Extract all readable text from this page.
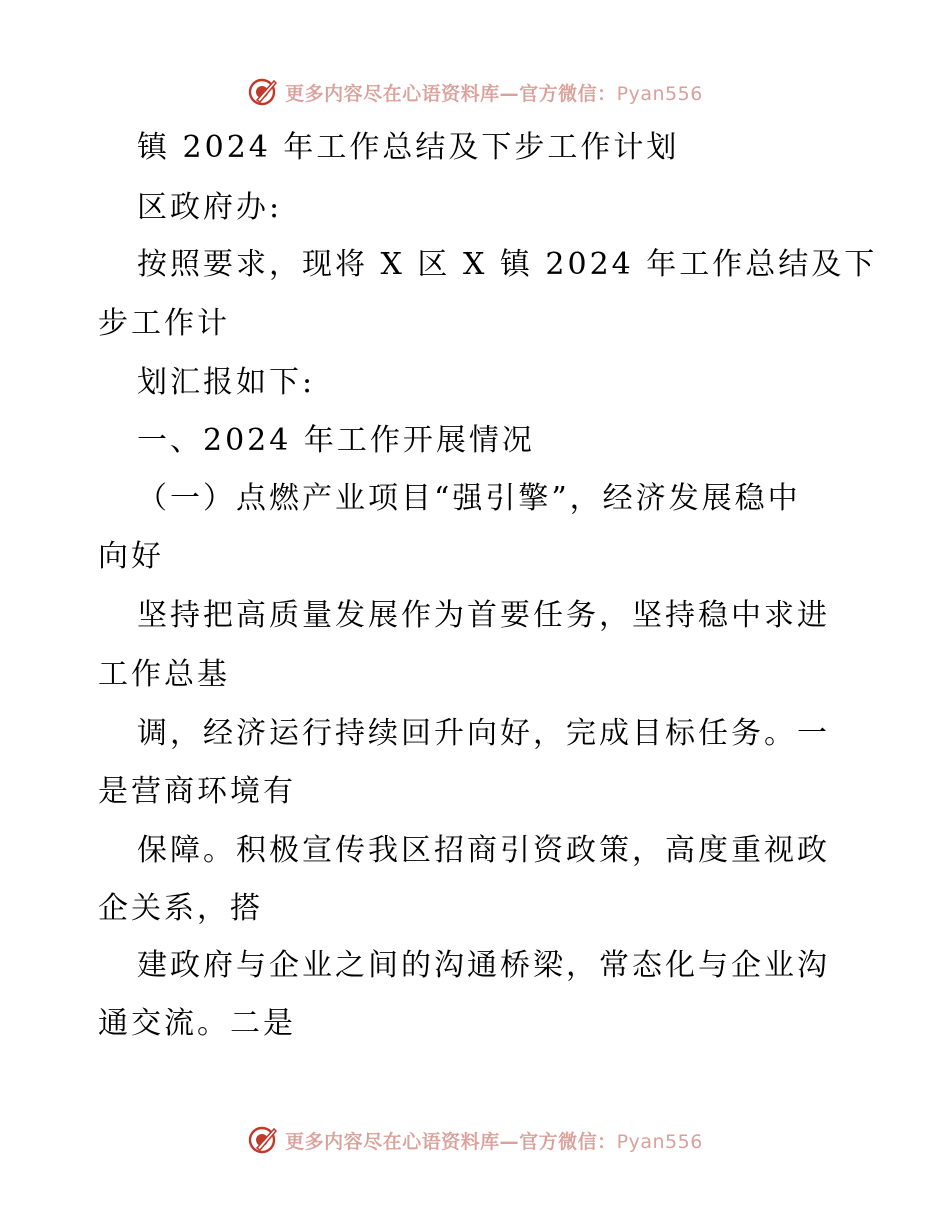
更多内容尽在心语资料库—官方微信：Pyan556
镇 2024 年工作总结及下步工作计划
区政府办:
按照要求，现将 X 区 X 镇 2024 年工作总结及下
步工作计
划汇报如下:
一、2024 年工作开展情况
（一）点燃产业项目“强引擎”，经济发展稳中
向好
坚持把高质量发展作为首要任务，坚持稳中求进
工作总基
调，经济运行持续回升向好，完成目标任务。一
是营商环境有
保障。积极宣传我区招商引资政策，高度重视政
企关系，搭
建政府与企业之间的沟通桥梁，常态化与企业沟
通交流。二是
更多内容尽在心语资料库—官方微信：Pyan556
